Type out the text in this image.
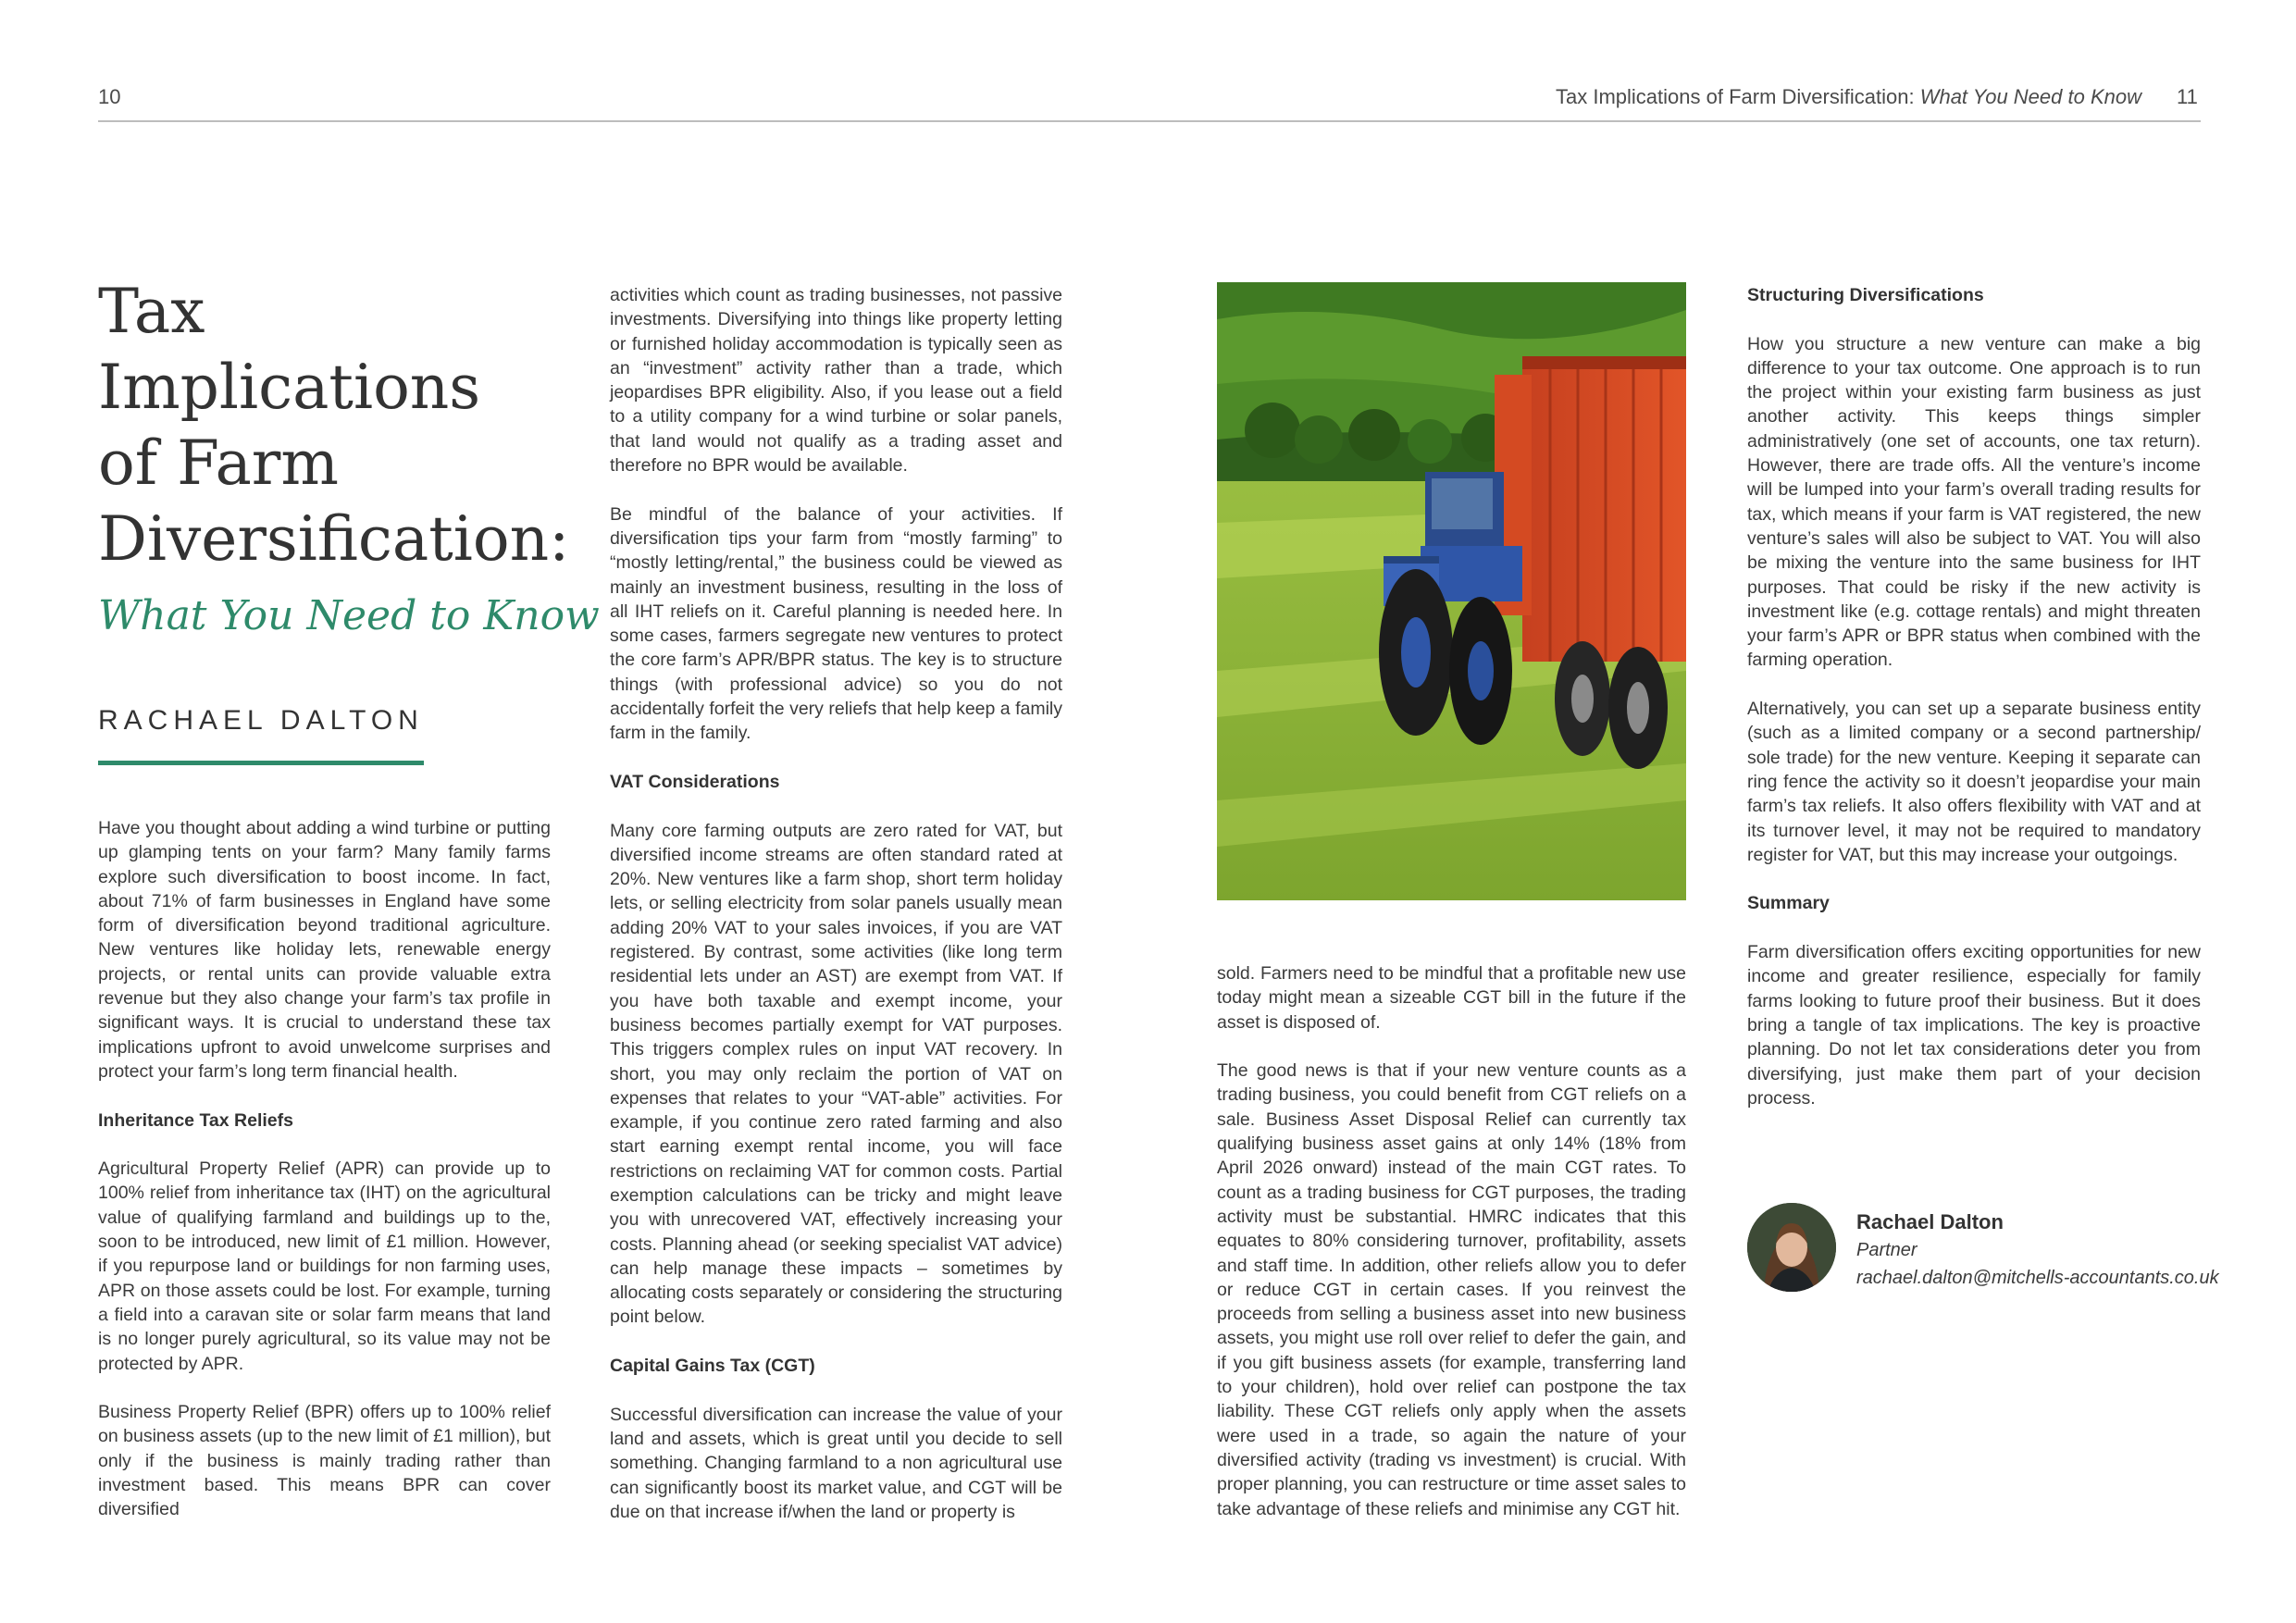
10	Tax Implications of Farm Diversification: What You Need to Know 11
Tax
Implications
of Farm
Diversification:
What You Need to Know
RACHAEL DALTON

Have you thought about adding a wind turbine or putting up glamping tents on your farm? Many family farms explore such diversification to boost income. In fact, about 71% of farm businesses in England have some form of diversification beyond traditional agriculture. New ventures like holiday lets, renewable energy projects, or rental units can provide valuable extra revenue but they also change your farm’s tax profile in significant ways. It is crucial to understand these tax implications upfront to avoid unwelcome surprises and protect your farm’s long term financial health.

Inheritance Tax Reliefs

Agricultural Property Relief (APR) can provide up to 100% relief from inheritance tax (IHT) on the agricultural value of qualifying farmland and buildings up to the, soon to be introduced, new limit of £1 million. However, if you repurpose land or buildings for non farming uses, APR on those assets could be lost. For example, turning a field into a caravan site or solar farm means that land is no longer purely agricultural, so its value may not be protected by APR.

Business Property Relief (BPR) offers up to 100% relief on business assets (up to the new limit of £1 million), but only if the business is mainly trading rather than investment based. This means BPR can cover diversified

activities which count as trading businesses, not passive investments. Diversifying into things like property letting or furnished holiday accommodation is typically seen as an “investment” activity rather than a trade, which jeopardises BPR eligibility. Also, if you lease out a field to a utility company for a wind turbine or solar panels, that land would not qualify as a trading asset and therefore no BPR would be available.

Be mindful of the balance of your activities. If diversification tips your farm from “mostly farming” to “mostly letting/rental,” the business could be viewed as mainly an investment business, resulting in the loss of all IHT reliefs on it. Careful planning is needed here. In some cases, farmers segregate new ventures to protect the core farm’s APR/BPR status. The key is to structure things (with professional advice) so you do not accidentally forfeit the very reliefs that help keep a family farm in the family.

VAT Considerations

Many core farming outputs are zero rated for VAT, but diversified income streams are often standard rated at 20%. New ventures like a farm shop, short term holiday lets, or selling electricity from solar panels usually mean adding 20% VAT to your sales invoices, if you are VAT registered. By contrast, some activities (like long term residential lets under an AST) are exempt from VAT. If you have both taxable and exempt income, your business becomes partially exempt for VAT purposes. This triggers complex rules on input VAT recovery. In short, you may only reclaim the portion of VAT on expenses that relates to your “VAT-able” activities. For example, if you continue zero rated farming and also start earning exempt rental income, you will face restrictions on reclaiming VAT for common costs. Partial exemption calculations can be tricky and might leave you with unrecovered VAT, effectively increasing your costs. Planning ahead (or seeking specialist VAT advice) can help manage these impacts – sometimes by allocating costs separately or considering the structuring point below.

Capital Gains Tax (CGT)

Successful diversification can increase the value of your land and assets, which is great until you decide to sell something. Changing farmland to a non agricultural use can significantly boost its market value, and CGT will be due on that increase if/when the land or property is

sold. Farmers need to be mindful that a profitable new use today might mean a sizeable CGT bill in the future if the asset is disposed of.

The good news is that if your new venture counts as a trading business, you could benefit from CGT reliefs on a sale. Business Asset Disposal Relief can currently tax qualifying business asset gains at only 14% (18% from April 2026 onward) instead of the main CGT rates. To count as a trading business for CGT purposes, the trading activity must be substantial. HMRC indicates that this equates to 80% considering turnover, profitability, assets and staff time. In addition, other reliefs allow you to defer or reduce CGT in certain cases. If you reinvest the proceeds from selling a business asset into new business assets, you might use roll over relief to defer the gain, and if you gift business assets (for example, transferring land to your children), hold over relief can postpone the tax liability. These CGT reliefs only apply when the assets were used in a trade, so again the nature of your diversified activity (trading vs investment) is crucial. With proper planning, you can restructure or time asset sales to take advantage of these reliefs and minimise any CGT hit.

Structuring Diversifications

How you structure a new venture can make a big difference to your tax outcome. One approach is to run the project within your existing farm business as just another activity. This keeps things simpler administratively (one set of accounts, one tax return). However, there are trade offs. All the venture’s income will be lumped into your farm’s overall trading results for tax, which means if your farm is VAT registered, the new venture’s sales will also be subject to VAT. You will also be mixing the venture into the same business for IHT purposes. That could be risky if the new activity is investment like (e.g. cottage rentals) and might threaten your farm’s APR or BPR status when combined with the farming operation.

Alternatively, you can set up a separate business entity (such as a limited company or a second partnership/ sole trade) for the new venture. Keeping it separate can ring fence the activity so it doesn’t jeopardise your main farm’s tax reliefs. It also offers flexibility with VAT and at its turnover level, it may not be required to mandatory register for VAT, but this may increase your outgoings.

Summary

Farm diversification offers exciting opportunities for new income and greater resilience, especially for family farms looking to future proof their business. But it does bring a tangle of tax implications. The key is proactive planning. Do not let tax considerations deter you from diversifying, just make them part of your decision process.

Rachael Dalton
Partner
rachael.dalton@mitchells-accountants.co.uk
